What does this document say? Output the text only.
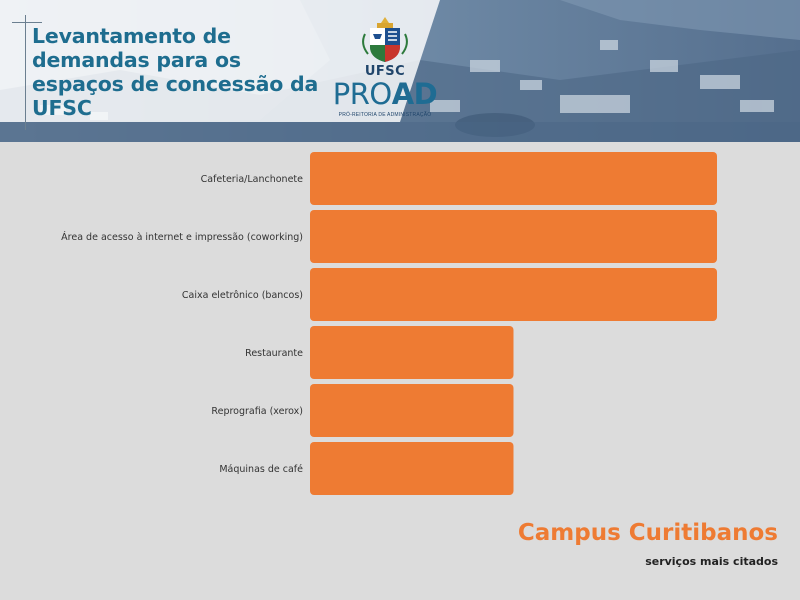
Levantamento de demandas para os espaços de concessão da UFSC
UFSC
PROAD
PRÓ-REITORIA DE ADMINISTRAÇÃO
Cafeteria/Lanchonete
Área de acesso à internet e impressão (coworking)
Caixa eletrônico (bancos)
Restaurante
Reprografia (xerox)
Máquinas de café
Campus Curitibanos
serviços mais citados
